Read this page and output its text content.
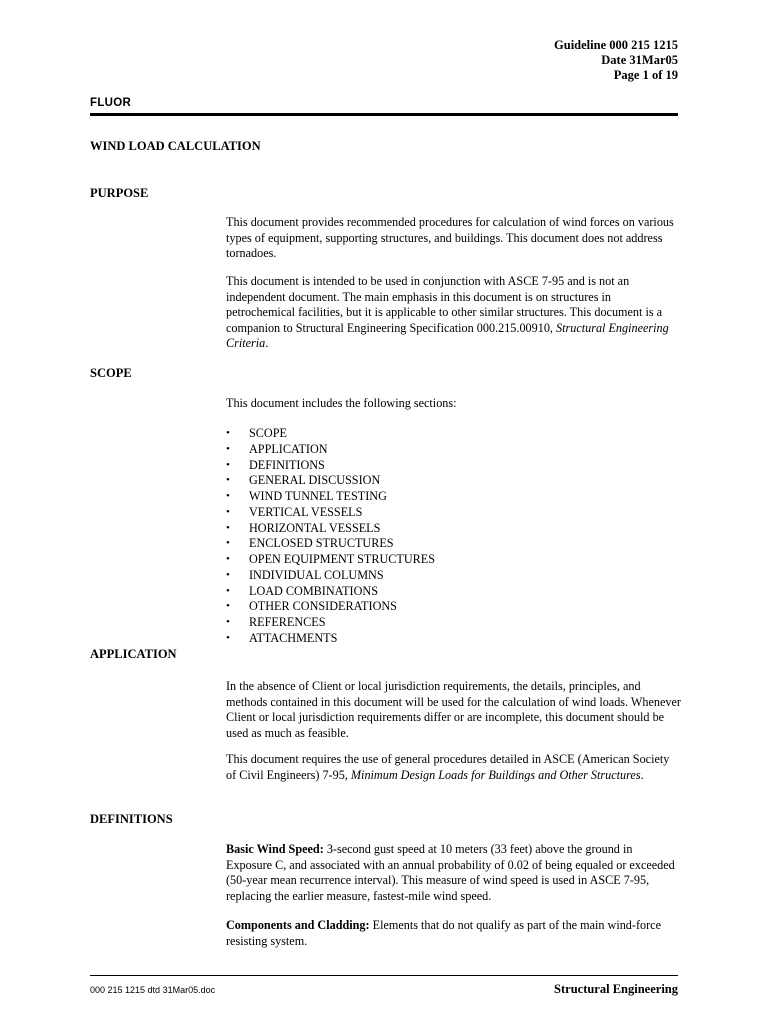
Guideline 000 215 1215
Date 31Mar05
Page 1 of 19
FLUOR
WIND LOAD CALCULATION
PURPOSE

This document provides recommended procedures for calculation of wind forces on various types of equipment, supporting structures, and buildings. This document does not address tornadoes.

This document is intended to be used in conjunction with ASCE 7-95 and is not an independent document. The main emphasis in this document is on structures in petrochemical facilities, but it is applicable to other similar structures. This document is a companion to Structural Engineering Specification 000.215.00910, Structural Engineering Criteria.

SCOPE

This document includes the following sections:

• SCOPE
• APPLICATION
• DEFINITIONS
• GENERAL DISCUSSION
• WIND TUNNEL TESTING
• VERTICAL VESSELS
• HORIZONTAL VESSELS
• ENCLOSED STRUCTURES
• OPEN EQUIPMENT STRUCTURES
• INDIVIDUAL COLUMNS
• LOAD COMBINATIONS
• OTHER CONSIDERATIONS
• REFERENCES
• ATTACHMENTS
APPLICATION

In the absence of Client or local jurisdiction requirements, the details, principles, and methods contained in this document will be used for the calculation of wind loads. Whenever Client or local jurisdiction requirements differ or are incomplete, this document should be used as much as feasible.

This document requires the use of general procedures detailed in ASCE (American Society of Civil Engineers) 7-95, Minimum Design Loads for Buildings and Other Structures.

DEFINITIONS

Basic Wind Speed: 3-second gust speed at 10 meters (33 feet) above the ground in Exposure C, and associated with an annual probability of 0.02 of being equaled or exceeded (50-year mean recurrence interval). This measure of wind speed is used in ASCE 7-95, replacing the earlier measure, fastest-mile wind speed.

Components and Cladding: Elements that do not qualify as part of the main wind-force resisting system.

000 215 1215 dtd 31Mar05.doc	Structural Engineering
